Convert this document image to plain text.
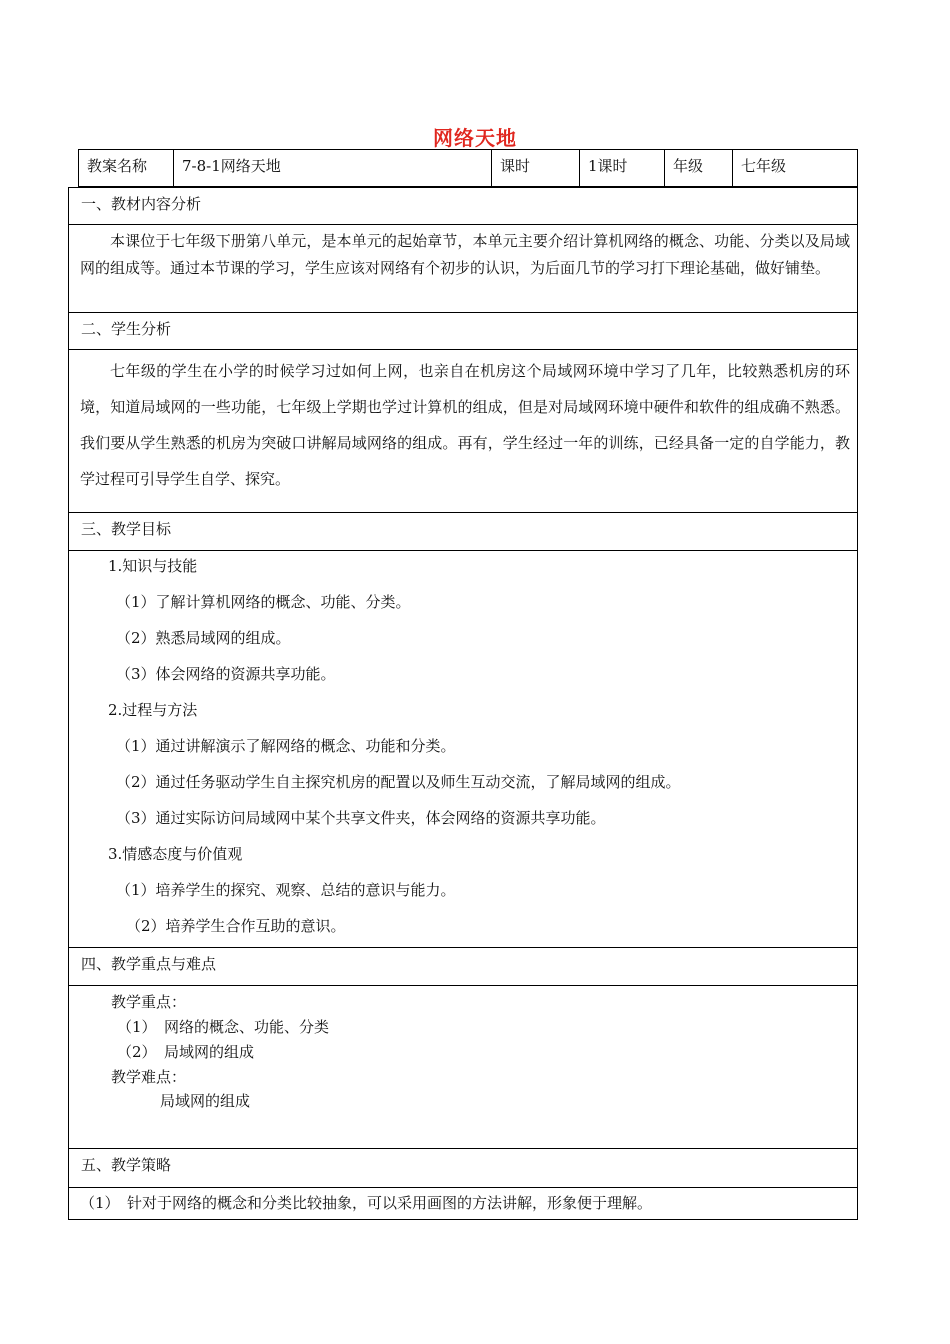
网络天地
教案名称	7-8-1网络天地	课时	1课时	年级	七年级
一、教材内容分析
本课位于七年级下册第八单元，是本单元的起始章节，本单元主要介绍计算机网络的概念、功能、分类以及局域网的组成等。通过本节课的学习，学生应该对网络有个初步的认识，为后面几节的学习打下理论基础，做好铺垫。
二、学生分析
七年级的学生在小学的时候学习过如何上网，也亲自在机房这个局域网环境中学习了几年，比较熟悉机房的环境，知道局域网的一些功能，七年级上学期也学过计算机的组成，但是对局域网环境中硬件和软件的组成确不熟悉。我们要从学生熟悉的机房为突破口讲解局域网络的组成。再有，学生经过一年的训练，已经具备一定的自学能力，教学过程可引导学生自学、探究。
三、教学目标
1.知识与技能
（1）了解计算机网络的概念、功能、分类。
（2）熟悉局域网的组成。
（3）体会网络的资源共享功能。
2.过程与方法
（1）通过讲解演示了解网络的概念、功能和分类。
（2）通过任务驱动学生自主探究机房的配置以及师生互动交流，了解局域网的组成。
（3）通过实际访问局域网中某个共享文件夹，体会网络的资源共享功能。
3.情感态度与价值观
（1）培养学生的探究、观察、总结的意识与能力。
（2）培养学生合作互助的意识。
四、教学重点与难点
教学重点：
（1）　网络的概念、功能、分类
（2）　局域网的组成
教学难点：
局域网的组成
五、教学策略
（1）　针对于网络的概念和分类比较抽象，可以采用画图的方法讲解，形象便于理解。
